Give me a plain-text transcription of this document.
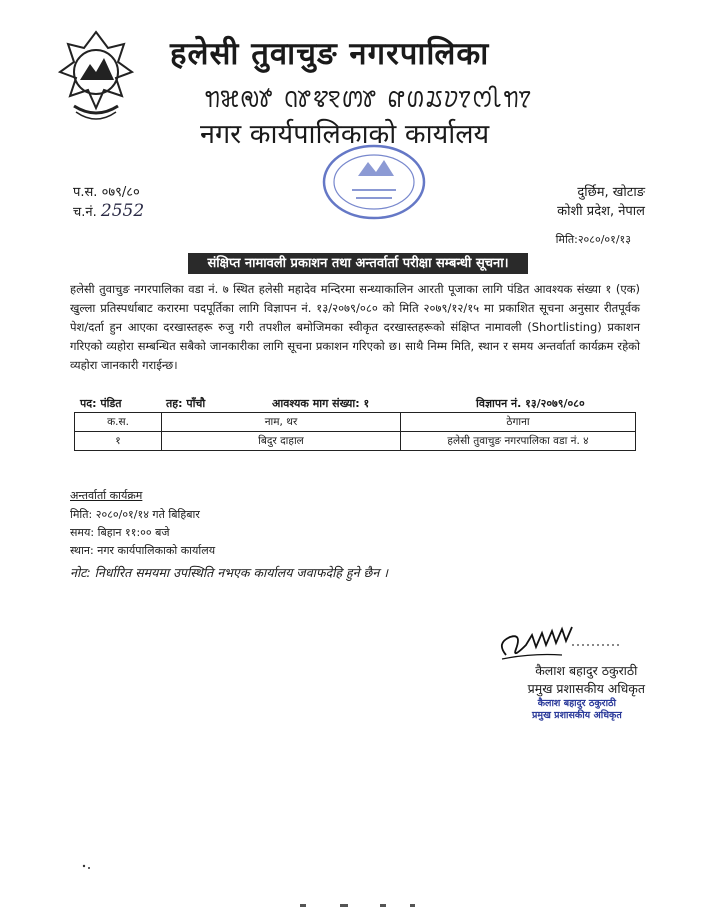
हलेसी तुवाचुङ नगरपालिका
ꢒꣃꢯꢹ ꢡꢸꢢꣁꢩꢸ ꢥꢔꢬꢦꢵꢭꢷꢒꢵ
नगर कार्यपालिकाको कार्यालय
प.स. ०७९/८०
च.नं. 2552
दुर्छिम, खोटाङ
कोशी प्रदेश, नेपाल
मिति:२०८०/०१/१३
संक्षिप्त नामावली प्रकाशन तथा अन्तर्वार्ता परीक्षा सम्बन्धी सूचना।
हलेसी तुवाचुङ नगरपालिका वडा नं. ७ स्थित हलेसी महादेव मन्दिरमा सन्ध्याकालिन आरती पूजाका लागि पंडित आवश्यक संख्या १ (एक) खुल्ला प्रतिस्पर्धाबाट करारमा पदपूर्तिका लागि विज्ञापन नं. १३/२०७९/०८० को मिति २०७९/१२/१५ मा प्रकाशित सूचना अनुसार रीतपूर्वक पेश/दर्ता हुन आएका दरखास्तहरू रुजु गरी तपशील बमोजिमका स्वीकृत दरखास्तहरूको संक्षिप्त नामावली (Shortlisting) प्रकाशन गरिएको व्यहोरा सम्बन्धित सबैको जानकारीका लागि सूचना प्रकाशन गरिएको छ। साथै निम्म मिति, स्थान र समय अन्तर्वार्ता कार्यक्रम रहेको व्यहोरा जानकारी गराईन्छ।
पद: पंडित	तह: पाँचौ	आवश्यक माग संख्या: १	विज्ञापन नं. १३/२०७९/०८०
क.स.	नाम, थर	ठेगाना
१	बिदुर दाहाल	हलेसी तुवाचुङ नगरपालिका वडा नं. ४
अन्तर्वार्ता कार्यक्रम
मिति: २०८०/०१/१४ गते बिहिबार
समय: बिहान ११:०० बजे
स्थान: नगर कार्यपालिकाको कार्यालय
नोट: निर्धारित समयमा उपस्थिति नभएक कार्यालय जवाफदेहि हुने छैन ।
कैलाश बहादुर ठकुराठी
प्रमुख प्रशासकीय अधिकृत
कैलाश बहादुर ठकुराठी
प्रमुख प्रशासकीय अधिकृत
